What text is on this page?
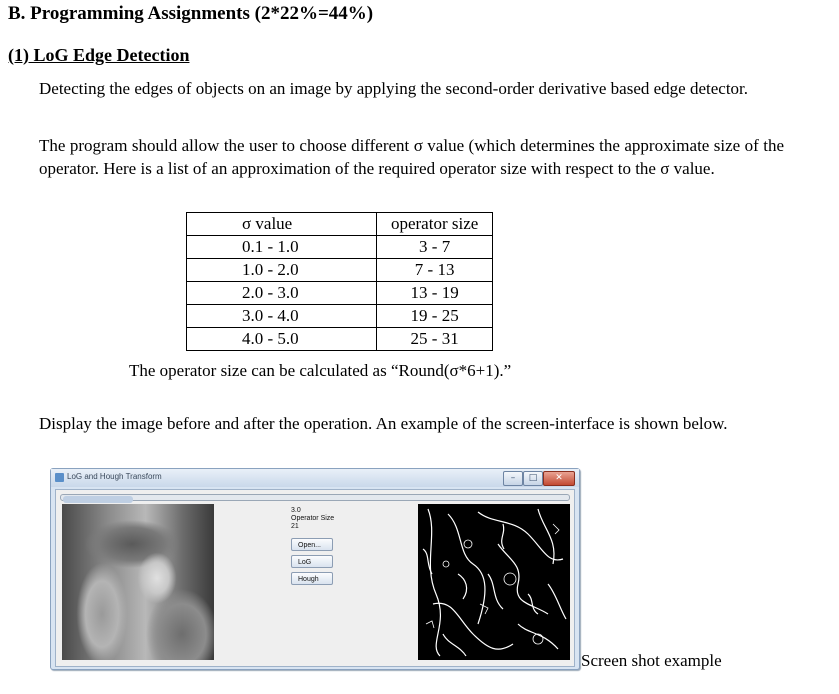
B. Programming Assignments (2*22%=44%)
(1) LoG Edge Detection
Detecting the edges of objects on an image by applying the second-order derivative based edge detector.
The program should allow the user to choose different σ value (which determines the approximate size of the operator. Here is a list of an approximation of the required operator size with respect to the σ value.
σ value	operator size
0.1 - 1.0	3 - 7
1.0 - 2.0	7 - 13
2.0 - 3.0	13 - 19
3.0 - 4.0	19 - 25
4.0 - 5.0	25 - 31
The operator size can be calculated as “Round(σ*6+1).”
Display the image before and after the operation. An example of the screen-interface is shown below.
LoG and Hough Transform	–	□	✕
3.0
Operator Size
21
Open...
LoG
Hough
Screen shot example
